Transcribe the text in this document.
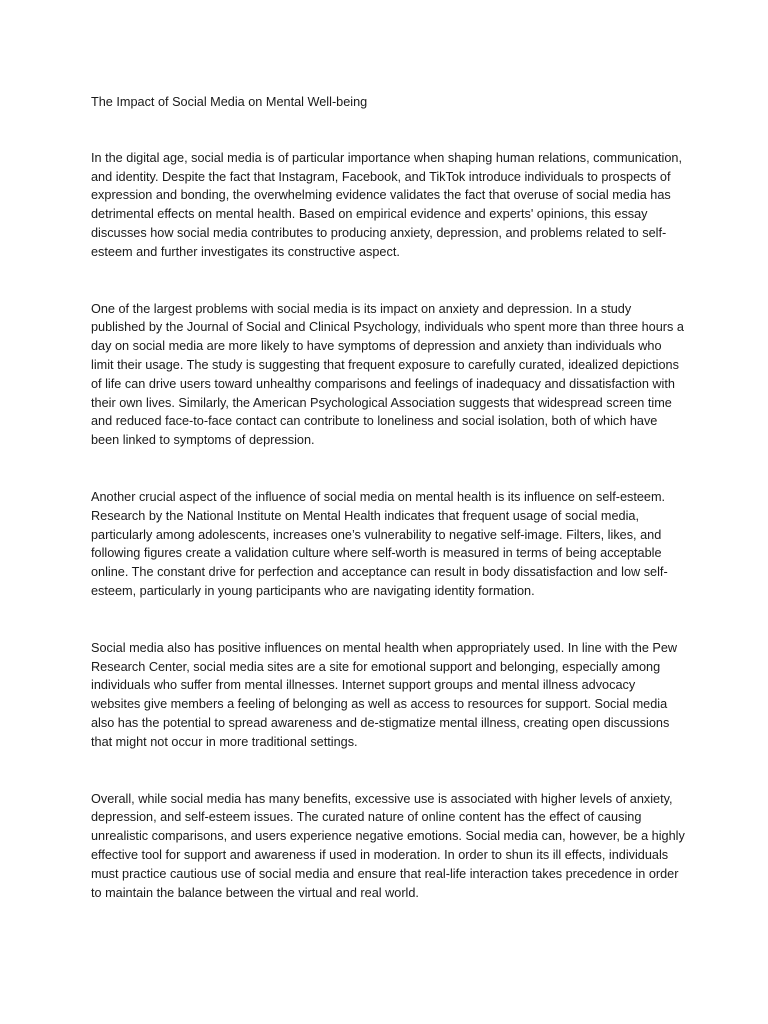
The Impact of Social Media on Mental Well-being

In the digital age, social media is of particular importance when shaping human relations, communication, and identity. Despite the fact that Instagram, Facebook, and TikTok introduce individuals to prospects of expression and bonding, the overwhelming evidence validates the fact that overuse of social media has detrimental effects on mental health. Based on empirical evidence and experts' opinions, this essay discusses how social media contributes to producing anxiety, depression, and problems related to self-esteem and further investigates its constructive aspect.

One of the largest problems with social media is its impact on anxiety and depression. In a study published by the Journal of Social and Clinical Psychology, individuals who spent more than three hours a day on social media are more likely to have symptoms of depression and anxiety than individuals who limit their usage. The study is suggesting that frequent exposure to carefully curated, idealized depictions of life can drive users toward unhealthy comparisons and feelings of inadequacy and dissatisfaction with their own lives. Similarly, the American Psychological Association suggests that widespread screen time and reduced face-to-face contact can contribute to loneliness and social isolation, both of which have been linked to symptoms of depression.

Another crucial aspect of the influence of social media on mental health is its influence on self-esteem. Research by the National Institute on Mental Health indicates that frequent usage of social media, particularly among adolescents, increases one’s vulnerability to negative self-image. Filters, likes, and following figures create a validation culture where self-worth is measured in terms of being acceptable online. The constant drive for perfection and acceptance can result in body dissatisfaction and low self-esteem, particularly in young participants who are navigating identity formation.

Social media also has positive influences on mental health when appropriately used. In line with the Pew Research Center, social media sites are a site for emotional support and belonging, especially among individuals who suffer from mental illnesses. Internet support groups and mental illness advocacy websites give members a feeling of belonging as well as access to resources for support. Social media also has the potential to spread awareness and de-stigmatize mental illness, creating open discussions that might not occur in more traditional settings.

Overall, while social media has many benefits, excessive use is associated with higher levels of anxiety, depression, and self-esteem issues. The curated nature of online content has the effect of causing unrealistic comparisons, and users experience negative emotions. Social media can, however, be a highly effective tool for support and awareness if used in moderation. In order to shun its ill effects, individuals must practice cautious use of social media and ensure that real-life interaction takes precedence in order to maintain the balance between the virtual and real world.
